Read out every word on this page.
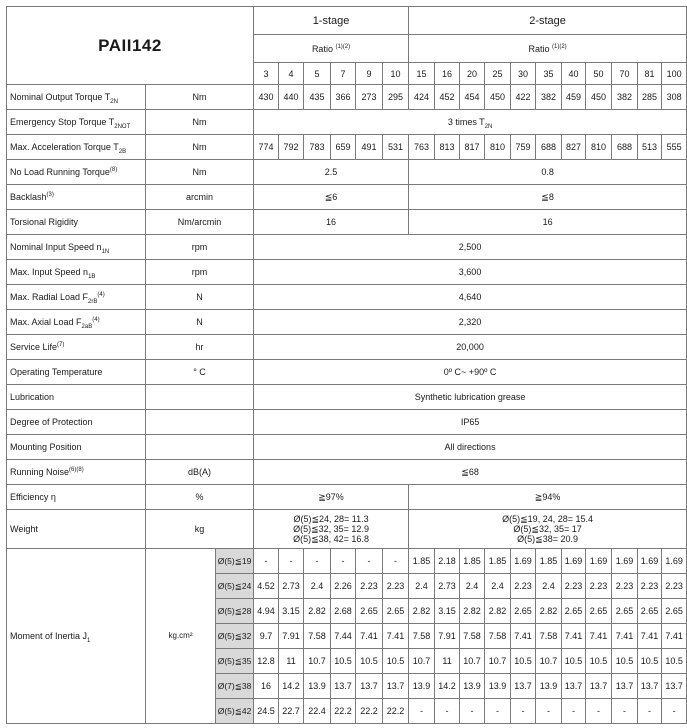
PAII142			1-stage						2-stage										
			Ratio $^{(1)(2)}$						Ratio $^{(1)(2)}$
			3	4	5	7	9	10	15	16	20	25	30	35	40	50	70	81	100
Nominal Output Torque $T_{2N}$	Nm		430	440	435	366	273	295	424	452	454	450	422	382	459	450	382	285	308
Emergency Stop Torque $T_{2NOT}$	Nm		3 times $T_{2N}$
Max. Acceleration Torque $T_{2B}$	Nm		774	792	783	659	491	531	763	813	817	810	759	688	827	810	688	513	555
No Load Running Torque$^{(8)}$	Nm		2.5						0.8										
Backlash$^{(3)}$	arcmin		≦6						≦8										
Torsional Rigidity	Nm/arcmin		16						16										
Nominal Input Speed $n_{1N}$	rpm		2,500																
Max. Input Speed $n_{1B}$	rpm		3,600																
Max. Radial Load $F_{2rB}^{(4)}$	N		4,640																
Max. Axial Load $F_{2aB}^{(4)}$	N		2,320																
Service Life$^{(7)}$	hr		20,000																
Operating Temperature	° C		0º C~ +90º C																
Lubrication			Synthetic lubrication grease																
Degree of Protection			IP65																
Mounting Position			All directions																
Running Noise$^{(6)(8)}$	dB(A)		≦68																
Efficiency η	%		≧97%						≧94%										
Weight	kg		Ø(5)≦24, 28= 11.3
Ø(5)≦32, 35= 12.9
Ø(5)≦38, 42= 16.8						Ø(5)≦19, 24, 28= 15.4
Ø(5)≦32, 35= 17
Ø(5)≦38= 20.9										

Moment of Inertia $J_1$	kg.cm²	Ø(5)≦19	-	-	-	-	-	-	1.85	2.18	1.85	1.85	1.69	1.85	1.69	1.69	1.69	1.69	1.69
		Ø(5)≦24	4.52	2.73	2.4	2.26	2.23	2.23	2.4	2.73	2.4	2.4	2.23	2.4	2.23	2.23	2.23	2.23	2.23
		Ø(5)≦28	4.94	3.15	2.82	2.68	2.65	2.65	2.82	3.15	2.82	2.82	2.65	2.82	2.65	2.65	2.65	2.65	2.65
		Ø(5)≦32	9.7	7.91	7.58	7.44	7.41	7.41	7.58	7.91	7.58	7.58	7.41	7.58	7.41	7.41	7.41	7.41	7.41
		Ø(5)≦35	12.8	11	10.7	10.5	10.5	10.5	10.7	11	10.7	10.7	10.5	10.7	10.5	10.5	10.5	10.5	10.5
		Ø(7)≦38	16	14.2	13.9	13.7	13.7	13.7	13.9	14.2	13.9	13.9	13.7	13.9	13.7	13.7	13.7	13.7	13.7
		Ø(5)≦42	24.5	22.7	22.4	22.2	22.2	22.2	-	-	-	-	-	-	-	-	-	-	-
